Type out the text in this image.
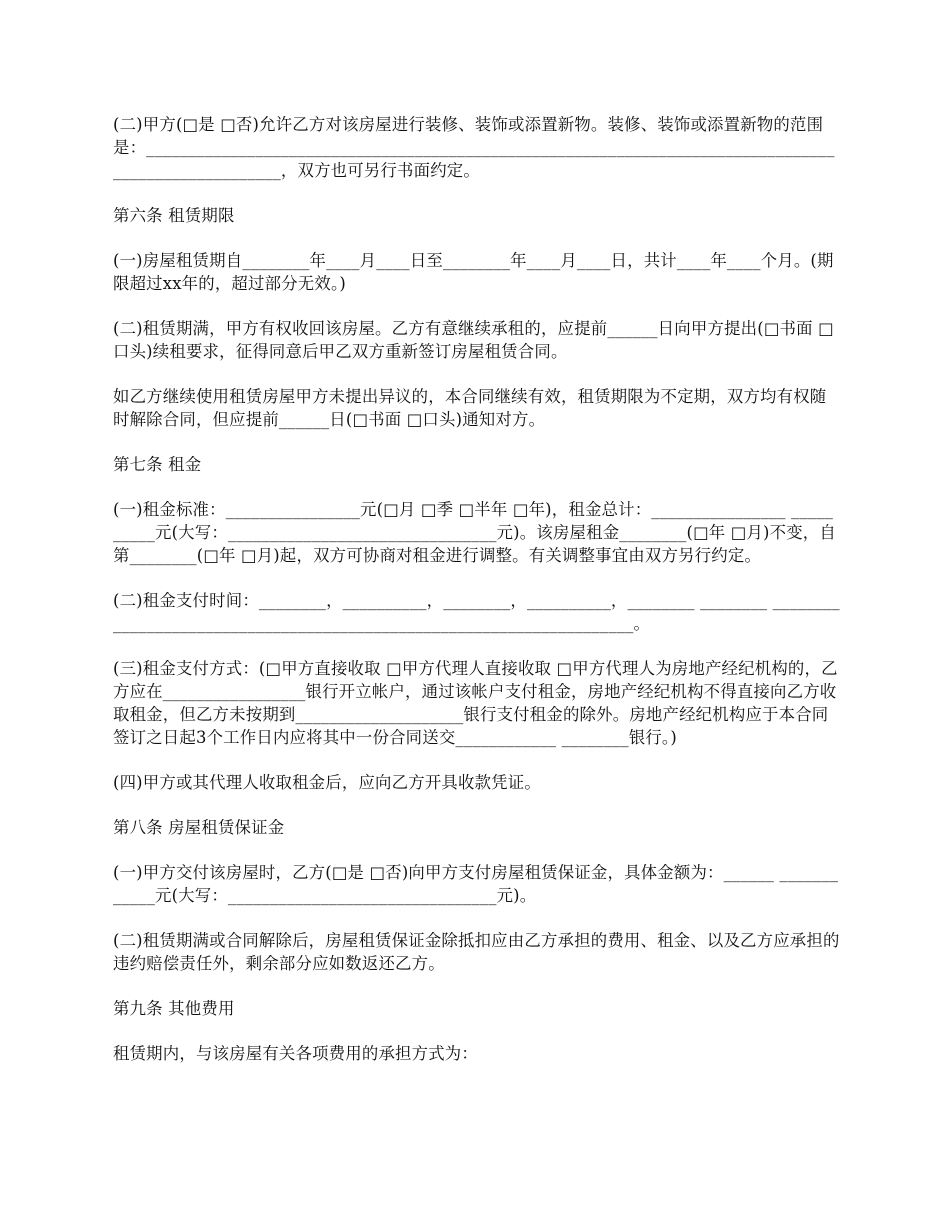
(二)甲方(□是 □否)允许乙方对该房屋进行装修、装饰或添置新物。装修、装饰或添置新物的范围是：______________________________________________________________________________________________________，双方也可另行书面约定。

第六条 租赁期限

(一)房屋租赁期自________年____月____日至________年____月____日，共计____年____个月。(期限超过xx年的，超过部分无效。)

(二)租赁期满，甲方有权收回该房屋。乙方有意继续承租的，应提前______日向甲方提出(□书面 □口头)续租要求，征得同意后甲乙双方重新签订房屋租赁合同。

如乙方继续使用租赁房屋甲方未提出异议的，本合同继续有效，租赁期限为不定期，双方均有权随时解除合同，但应提前______日(□书面 □口头)通知对方。

第七条 租金

(一)租金标准：________________元(□月 □季 □半年 □年)，租金总计：________________ __________元(大写：________________________________元)。该房屋租金________(□年 □月)不变，自第________(□年 □月)起，双方可协商对租金进行调整。有关调整事宜由双方另行约定。

(二)租金支付时间：________，__________，________，__________，________ ________ ______________________________________________________________________。

(三)租金支付方式：(□甲方直接收取 □甲方代理人直接收取 □甲方代理人为房地产经纪机构的，乙方应在_________________银行开立帐户，通过该帐户支付租金，房地产经纪机构不得直接向乙方收取租金，但乙方未按期到____________________银行支付租金的除外。房地产经纪机构应于本合同签订之日起3个工作日内应将其中一份合同送交____________ ________银行。)

(四)甲方或其代理人收取租金后，应向乙方开具收款凭证。

第八条 房屋租赁保证金

(一)甲方交付该房屋时，乙方(□是 □否)向甲方支付房屋租赁保证金，具体金额为：______ ____________元(大写：________________________________元)。

(二)租赁期满或合同解除后，房屋租赁保证金除抵扣应由乙方承担的费用、租金、以及乙方应承担的违约赔偿责任外，剩余部分应如数返还乙方。

第九条 其他费用

租赁期内，与该房屋有关各项费用的承担方式为：
